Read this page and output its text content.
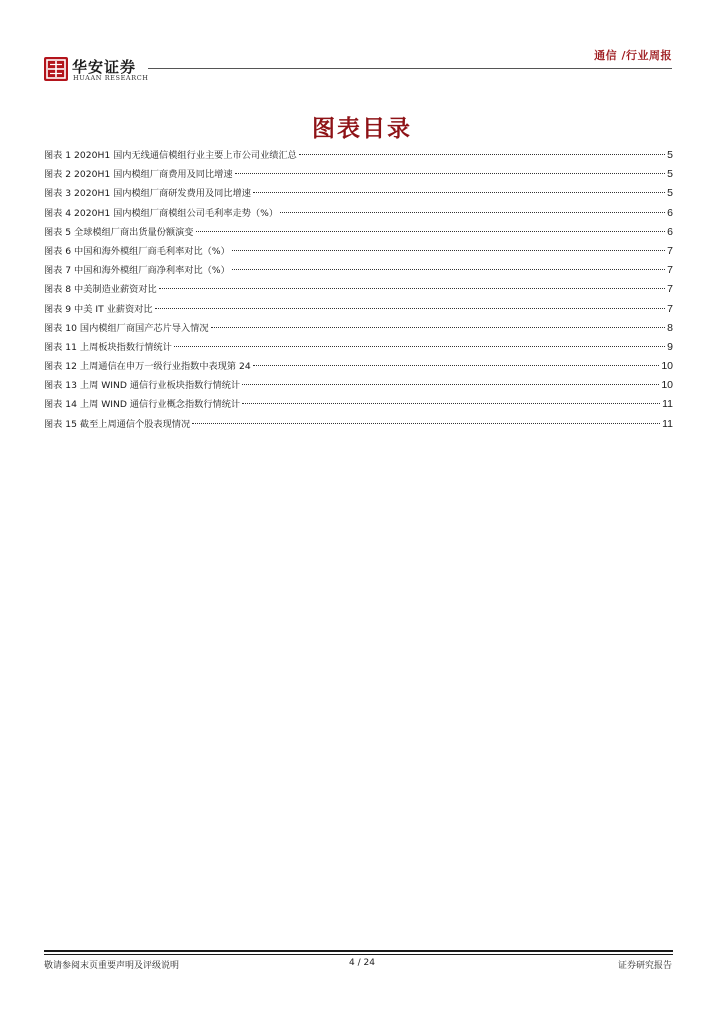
华安证券
HUAAN RESEARCH
通信 /行业周报
图表目录
图表 1 2020H1 国内无线通信模组行业主要上市公司业绩汇总	5
图表 2 2020H1 国内模组厂商费用及同比增速	5
图表 3 2020H1 国内模组厂商研发费用及同比增速	5
图表 4 2020H1 国内模组厂商模组公司毛利率走势（%）	6
图表 5 全球模组厂商出货量份额演变	6
图表 6 中国和海外模组厂商毛利率对比（%）	7
图表 7 中国和海外模组厂商净利率对比（%）	7
图表 8 中美制造业薪资对比	7
图表 9 中美 IT 业薪资对比	7
图表 10 国内模组厂商国产芯片导入情况	8
图表 11 上周板块指数行情统计	9
图表 12 上周通信在申万一级行业指数中表现第 24	10
图表 13 上周 WIND 通信行业板块指数行情统计	10
图表 14 上周 WIND 通信行业概念指数行情统计	11
图表 15 截至上周通信个股表现情况	11
敬请参阅末页重要声明及评级说明	4 / 24	证券研究报告
